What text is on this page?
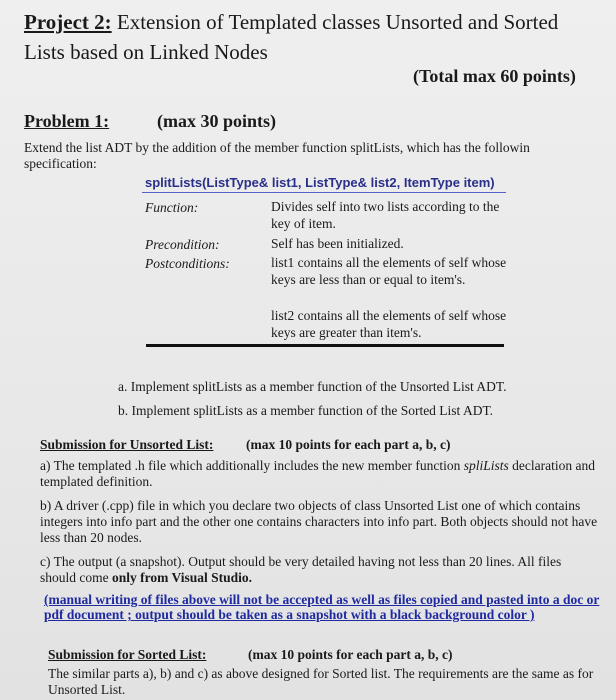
Project 2: Extension of Templated classes Unsorted and Sorted
Lists based on Linked Nodes
(Total max 60 points)
Problem 1:	(max 30 points)
Extend the list ADT by the addition of the member function splitLists, which has the followin
specification:
splitLists(ListType& list1, ListType& list2, ItemType item)
Function:	Divides self into two lists according to the key of item.
Precondition:	Self has been initialized.
Postconditions:	list1 contains all the elements of self whose keys are less than or equal to item's.
list2 contains all the elements of self whose keys are greater than item's.
a. Implement splitLists as a member function of the Unsorted List ADT.
b. Implement splitLists as a member function of the Sorted List ADT.
Submission for Unsorted List: (max 10 points for each part a, b, c)
a) The templated .h file which additionally includes the new member function spliLists declaration and
templated definition.
b) A driver (.cpp) file in which you declare two objects of class Unsorted List one of which contains
integers into info part and the other one contains characters into info part. Both objects should not have
less than 20 nodes.
c) The output (a snapshot). Output should be very detailed having not less than 20 lines. All files
should come only from Visual Studio.
(manual writing of files above will not be accepted as well as files copied and pasted into a doc or
pdf document ; output should be taken as a snapshot with a black background color )
Submission for Sorted List:	(max 10 points for each part a, b, c)
The similar parts a), b) and c) as above designed for Sorted list. The requirements are the same as for
Unsorted List.
